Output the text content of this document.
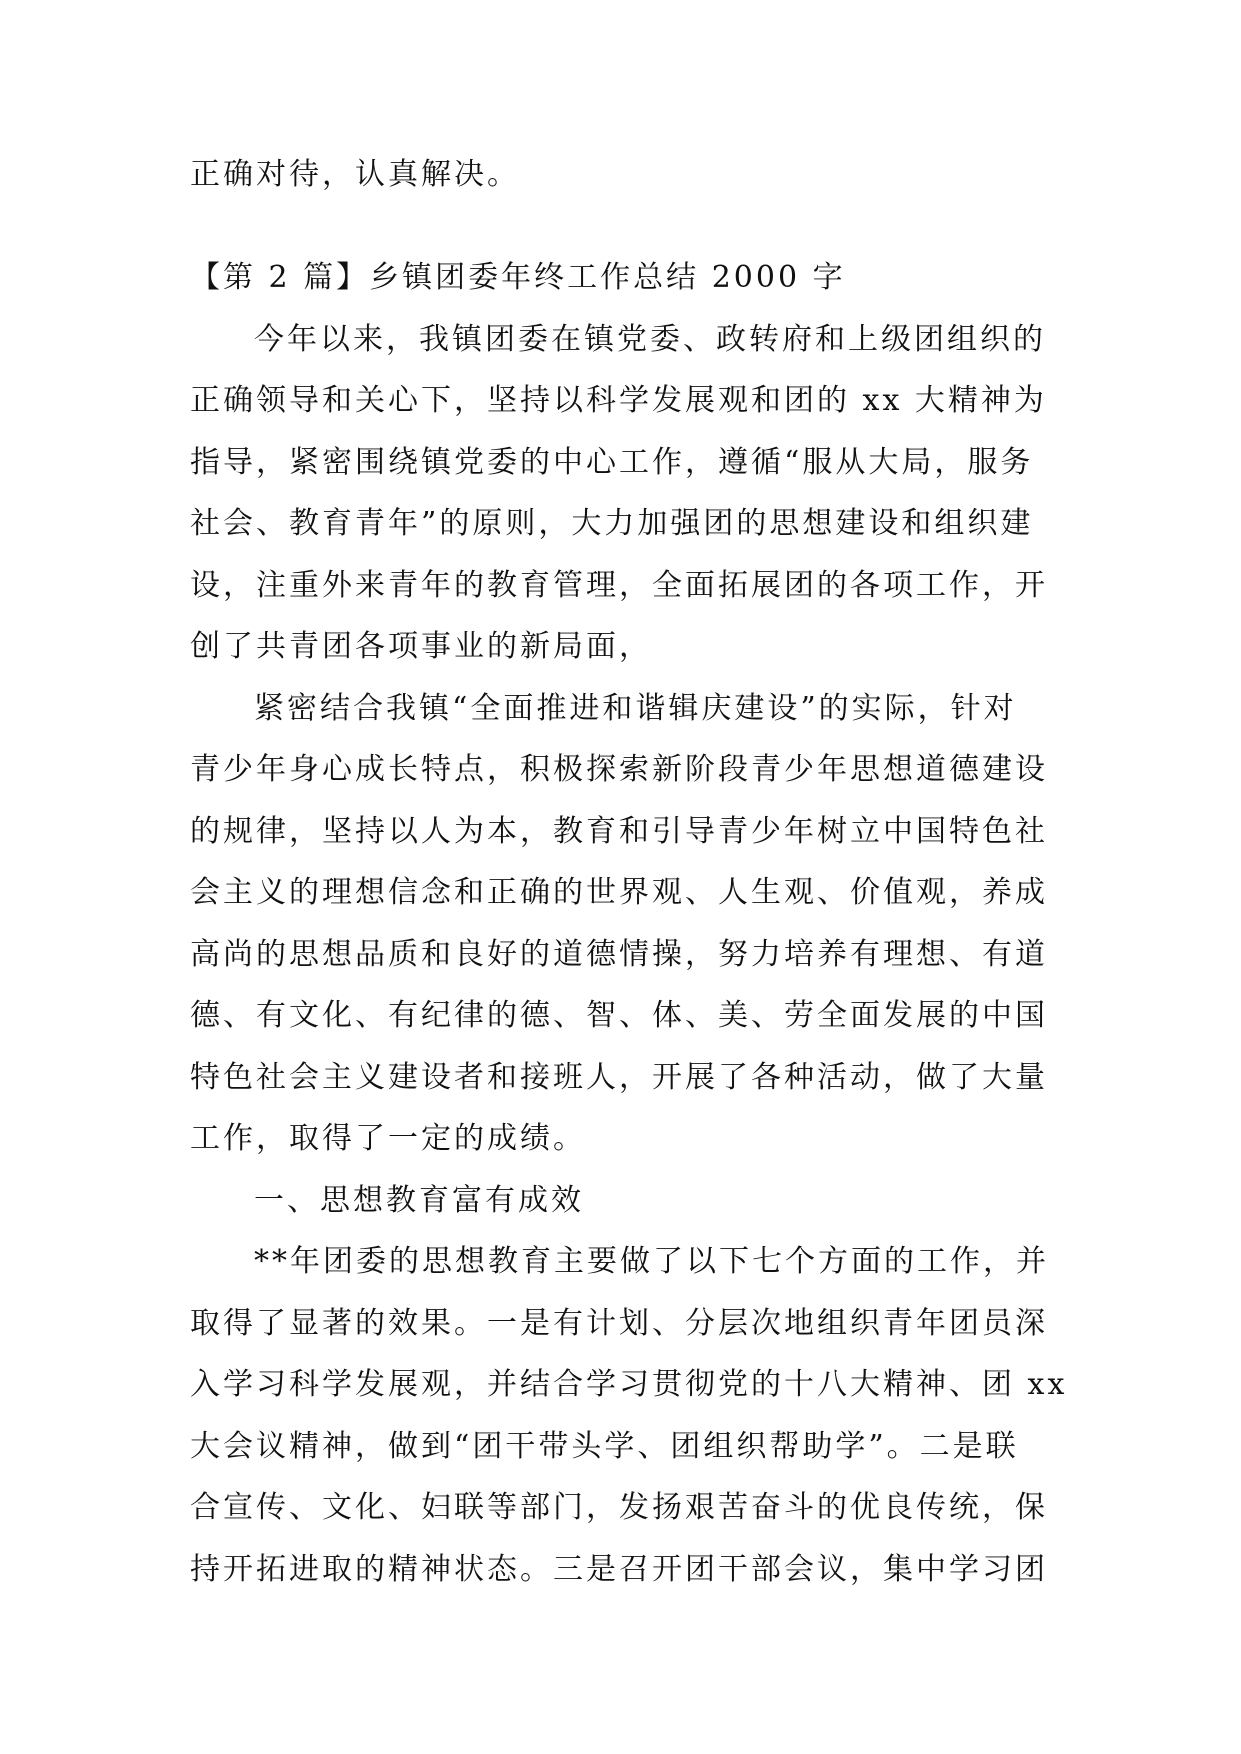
正确对待，认真解决。
【第 2 篇】乡镇团委年终工作总结 2000 字
今年以来，我镇团委在镇党委、政转府和上级团组织的
正确领导和关心下，坚持以科学发展观和团的 xx 大精神为
指导，紧密围绕镇党委的中心工作，遵循“服从大局，服务
社会、教育青年”的原则，大力加强团的思想建设和组织建
设，注重外来青年的教育管理，全面拓展团的各项工作，开
创了共青团各项事业的新局面，
紧密结合我镇“全面推进和谐辑庆建设”的实际，针对
青少年身心成长特点，积极探索新阶段青少年思想道德建设
的规律，坚持以人为本，教育和引导青少年树立中国特色社
会主义的理想信念和正确的世界观、人生观、价值观，养成
高尚的思想品质和良好的道德情操，努力培养有理想、有道
德、有文化、有纪律的德、智、体、美、劳全面发展的中国
特色社会主义建设者和接班人，开展了各种活动，做了大量
工作，取得了一定的成绩。
一、思想教育富有成效
**年团委的思想教育主要做了以下七个方面的工作，并
取得了显著的效果。一是有计划、分层次地组织青年团员深
入学习科学发展观，并结合学习贯彻党的十八大精神、团 xx
大会议精神，做到“团干带头学、团组织帮助学”。二是联
合宣传、文化、妇联等部门，发扬艰苦奋斗的优良传统，保
持开拓进取的精神状态。三是召开团干部会议，集中学习团
